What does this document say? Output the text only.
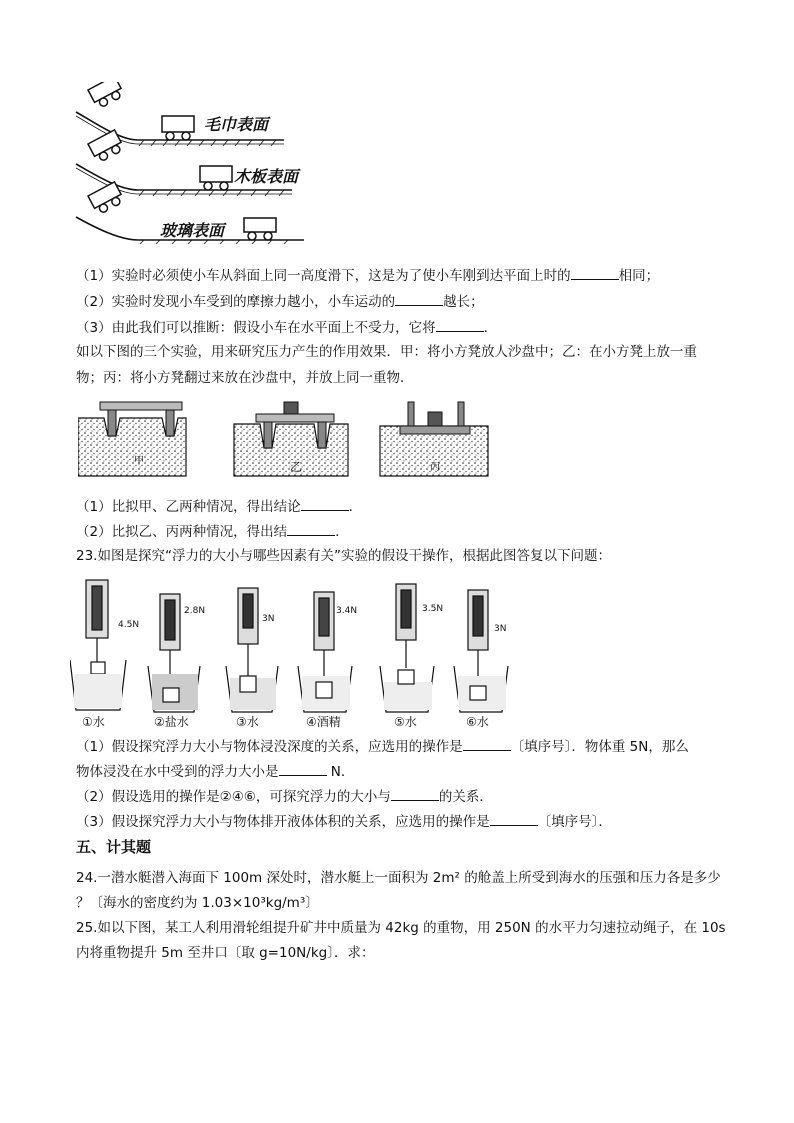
毛巾表面
木板表面
玻璃表面
（1）实验时必须使小车从斜面上同一高度滑下，这是为了使小车刚到达平面上时的	相同；
（2）实验时发现小车受到的摩擦力越小，小车运动的	越长；
（3）由此我们可以推断：假设小车在水平面上不受力，它将	.
如以下图的三个实验，用来研究压力产生的作用效果．甲：将小方凳放人沙盘中；乙：在小方凳上放一重
物；丙：将小方凳翻过来放在沙盘中，并放上同一重物．
甲	乙	丙
（1）比拟甲、乙两种情况，得出结论	.
（2）比拟乙、丙两种情况，得出结	.
23.如图是探究“浮力的大小与哪些因素有关”实验的假设干操作，根据此图答复以下问题：
4.5N
2.8N
3N
3.4N	3.5N
3N
①水	②盐水	③水	④酒精	⑤水	⑥水
（1）假设探究浮力大小与物体浸没深度的关系，应选用的操作是	〔填序号〕．物体重 5N，那么
物体浸没在水中受到的浮力大小是	N．
（2）假设选用的操作是②④⑥，可探究浮力的大小与	的关系．
（3）假设探究浮力大小与物体排开液体体积的关系，应选用的操作是	〔填序号〕．
五、计其题
24.一潜水艇潜入海面下 100m 深处时，潜水艇上一面积为 2m² 的舱盖上所受到海水的压强和压力各是多少
？〔海水的密度约为 1.03×10³kg/m³〕
25.如以下图，某工人利用滑轮组提升矿井中质量为 42kg 的重物，用 250N 的水平力匀速拉动绳子，在 10s
内将重物提升 5m 至井口〔取 g=10N/kg〕．求：
